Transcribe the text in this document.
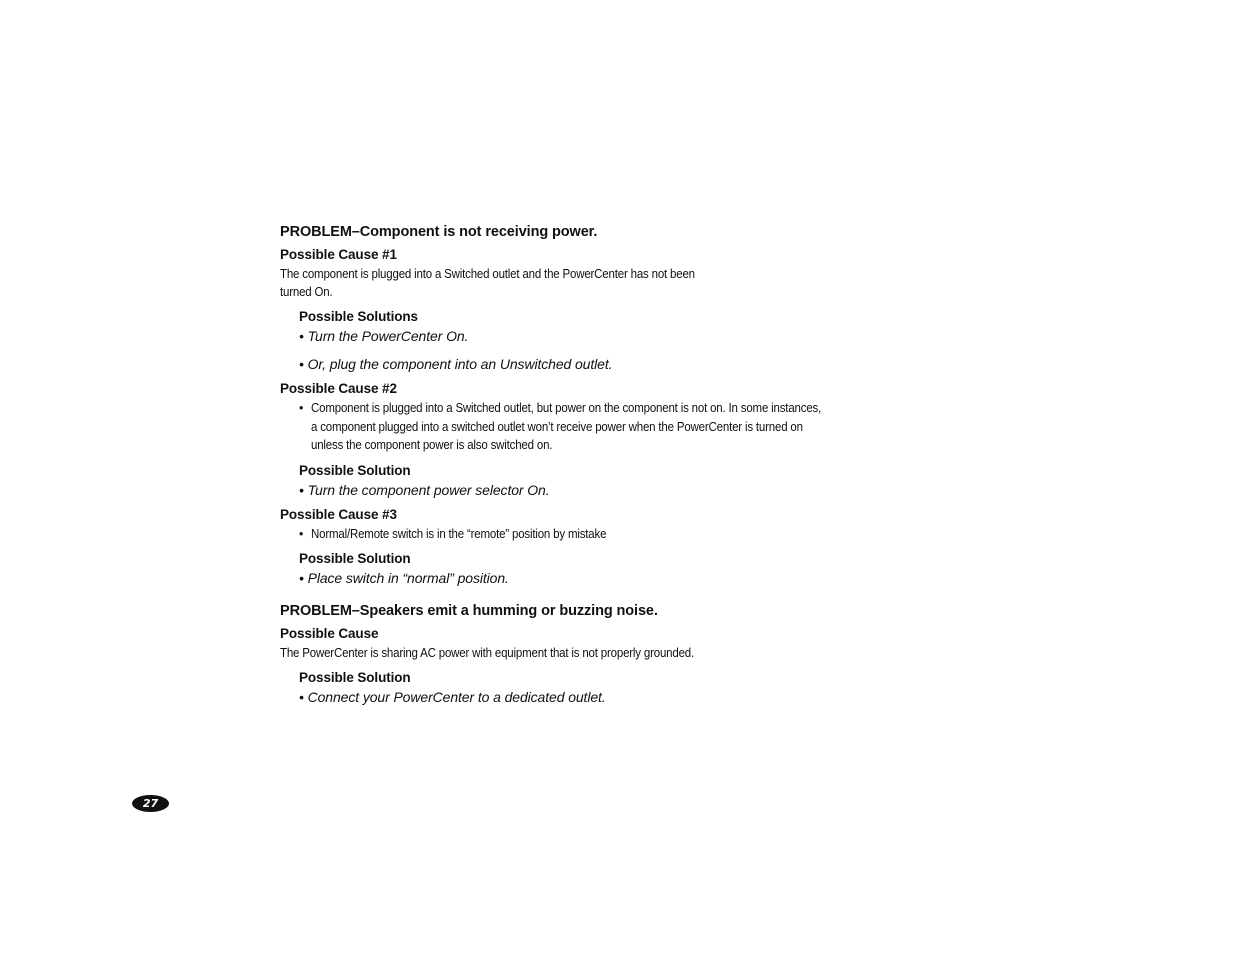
PROBLEM–Component is not receiving power.
Possible Cause #1
The component is plugged into a Switched outlet and the PowerCenter has not been
turned On.
Possible Solutions
• Turn the PowerCenter On.
• Or, plug the component into an Unswitched outlet.
Possible Cause #2
• Component is plugged into a Switched outlet, but power on the component is not on. In some instances,
a component plugged into a switched outlet won’t receive power when the PowerCenter is turned on
unless the component power is also switched on.
Possible Solution
• Turn the component power selector On.
Possible Cause #3
• Normal/Remote switch is in the “remote” position by mistake
Possible Solution
• Place switch in “normal” position.
PROBLEM–Speakers emit a humming or buzzing noise.
Possible Cause
The PowerCenter is sharing AC power with equipment that is not properly grounded.
Possible Solution
• Connect your PowerCenter to a dedicated outlet.
27
